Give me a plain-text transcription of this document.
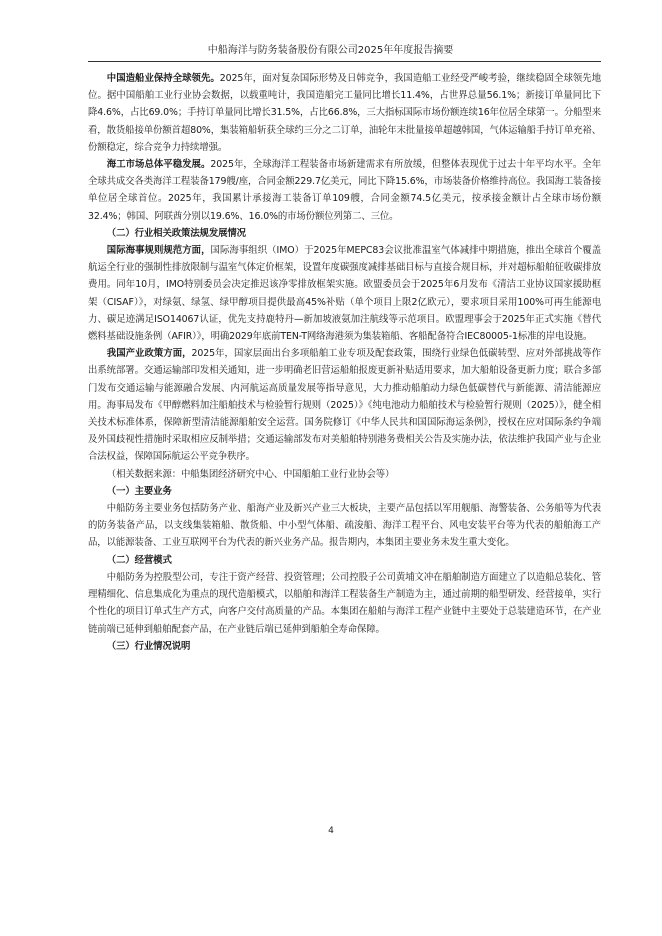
中船海洋与防务装备股份有限公司2025年年度报告摘要

中国造船业保持全球领先。2025年，面对复杂国际形势及日韩竞争，我国造船工业经受严峻考验，继续稳固全球领先地位。据中国船舶工业行业协会数据，以载重吨计，我国造船完工量同比增长11.4%，占世界总量56.1%；新接订单量同比下降4.6%，占比69.0%；手持订单量同比增长31.5%，占比66.8%，三大指标国际市场份额连续16年位居全球第一。分船型来看，散货船接单份额首超80%，集装箱船斩获全球约三分之二订单，油轮年末批量接单超越韩国，气体运输船手持订单充裕、份额稳定，综合竞争力持续增强。

海工市场总体平稳发展。2025年，全球海洋工程装备市场新建需求有所放缓，但整体表现优于过去十年平均水平。全年全球共成交各类海洋工程装备179艘/座，合同金额229.7亿美元，同比下降15.6%，市场装备价格维持高位。我国海工装备接单位居全球首位。2025年，我国累计承接海工装备订单109艘，合同金额74.5亿美元，按承接金额计占全球市场份额32.4%；韩国、阿联酋分别以19.6%、16.0%的市场份额位列第二、三位。

（二）行业相关政策法规发展情况

国际海事规则规范方面，国际海事组织（IMO）于2025年MEPC83会议批准温室气体减排中期措施，推出全球首个覆盖航运全行业的强制性排放限制与温室气体定价框架，设置年度碳强度减排基础目标与直接合规目标，并对超标船舶征收碳排放费用。同年10月，IMO特别委员会决定推迟该净零排放框架实施。欧盟委员会于2025年6月发布《清洁工业协议国家援助框架（CISAF）》，对绿氨、绿氢、绿甲醇项目提供最高45%补贴（单个项目上限2亿欧元），要求项目采用100%可再生能源电力、碳足迹满足ISO14067认证，优先支持鹿特丹—新加坡液氨加注航线等示范项目。欧盟理事会于2025年正式实施《替代燃料基础设施条例（AFIR）》，明确2029年底前TEN-T网络海港须为集装箱船、客船配备符合IEC80005-1标准的岸电设施。

我国产业政策方面，2025年，国家层面出台多项船舶工业专项及配套政策，围绕行业绿色低碳转型、应对外部挑战等作出系统部署。交通运输部印发相关通知，进一步明确老旧营运船舶报废更新补贴适用要求，加大船舶设备更新力度；联合多部门发布交通运输与能源融合发展、内河航运高质量发展等指导意见，大力推动船舶动力绿色低碳替代与新能源、清洁能源应用。海事局发布《甲醇燃料加注船舶技术与检验暂行规则（2025）》《纯电池动力船舶技术与检验暂行规则（2025）》，健全相关技术标准体系，保障新型清洁能源船舶安全运营。国务院修订《中华人民共和国国际海运条例》，授权在应对国际条约争端及外国歧视性措施时采取相应反制举措；交通运输部发布对美船舶特别港务费相关公告及实施办法，依法维护我国产业与企业合法权益，保障国际航运公平竞争秩序。

（相关数据来源：中船集团经济研究中心、中国船舶工业行业协会等）

（一）主要业务

中船防务主要业务包括防务产业、船海产业及新兴产业三大板块，主要产品包括以军用舰船、海警装备、公务船等为代表的防务装备产品，以支线集装箱船、散货船、中小型气体船、疏浚船、海洋工程平台、风电安装平台等为代表的船舶海工产品，以能源装备、工业互联网平台为代表的新兴业务产品。报告期内，本集团主要业务未发生重大变化。

（二）经营模式

中船防务为控股型公司，专注于资产经营、投资管理；公司控股子公司黄埔文冲在船舶制造方面建立了以造船总装化、管理精细化、信息集成化为重点的现代造船模式，以船舶和海洋工程装备生产制造为主，通过前期的船型研发、经营接单，实行个性化的项目订单式生产方式，向客户交付高质量的产品。本集团在船舶与海洋工程产业链中主要处于总装建造环节，在产业链前端已延伸到船舶配套产品，在产业链后端已延伸到船舶全寿命保障。

（三）行业情况说明
4
